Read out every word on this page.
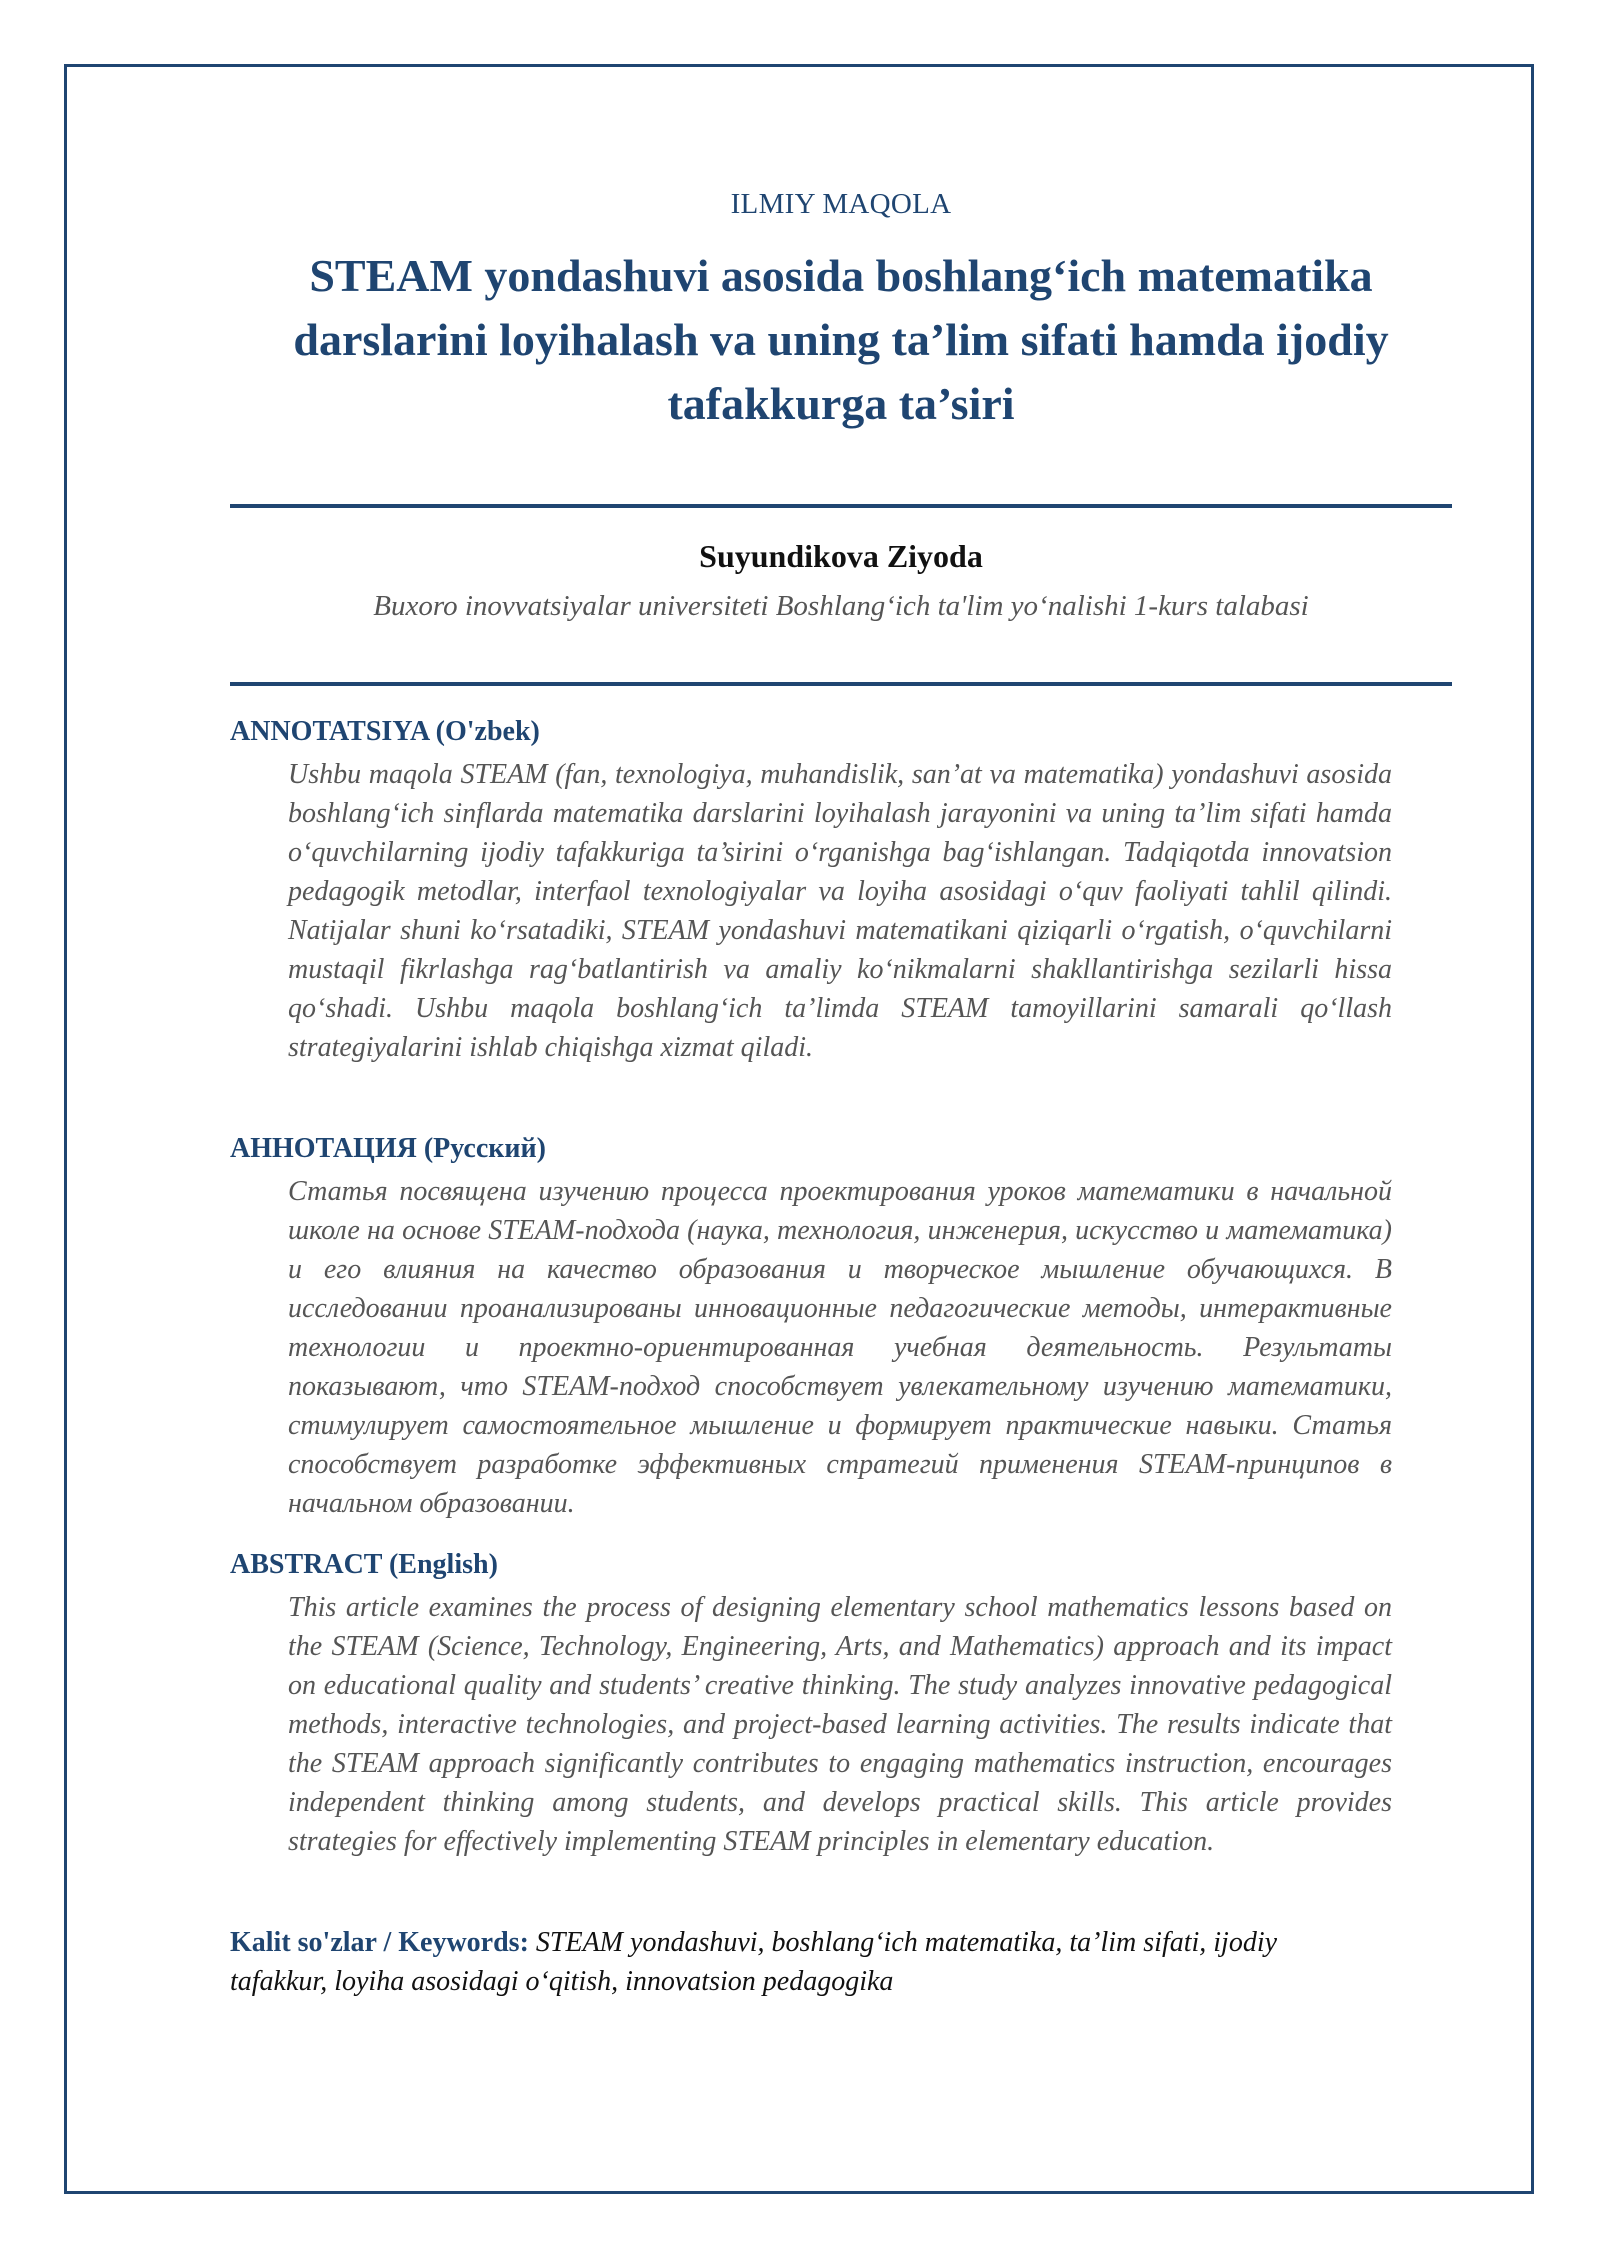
ILMIY MAQOLA
STEAM yondashuvi asosida boshlang‘ich matematika darslarini loyihalash va uning ta’lim sifati hamda ijodiy tafakkurga ta’siri
Suyundikova Ziyoda
Buxoro inovvatsiyalar universiteti Boshlang‘ich ta'lim yo‘nalishi 1-kurs talabasi
ANNOTATSIYA (O'zbek)

Ushbu maqola STEAM (fan, texnologiya, muhandislik, san’at va matematika) yondashuvi asosida boshlang‘ich sinflarda matematika darslarini loyihalash jarayonini va uning ta’lim sifati hamda o‘quvchilarning ijodiy tafakkuriga ta’sirini o‘rganishga bag‘ishlangan. Tadqiqotda innovatsion pedagogik metodlar, interfaol texnologiyalar va loyiha asosidagi o‘quv faoliyati tahlil qilindi. Natijalar shuni ko‘rsatadiki, STEAM yondashuvi matematikani qiziqarli o‘rgatish, o‘quvchilarni mustaqil fikrlashga rag‘batlantirish va amaliy ko‘nikmalarni shakllantirishga sezilarli hissa qo‘shadi. Ushbu maqola boshlang‘ich ta’limda STEAM tamoyillarini samarali qo‘llash strategiyalarini ishlab chiqishga xizmat qiladi.

АННОТАЦИЯ (Русский)

Статья посвящена изучению процесса проектирования уроков математики в начальной школе на основе STEAM-подхода (наука, технология, инженерия, искусство и математика) и его влияния на качество образования и творческое мышление обучающихся. В исследовании проанализированы инновационные педагогические методы, интерактивные технологии и проектно-ориентированная учебная деятельность. Результаты показывают, что STEAM-подход способствует увлекательному изучению математики, стимулирует самостоятельное мышление и формирует практические навыки. Статья способствует разработке эффективных стратегий применения STEAM-принципов в начальном образовании.

ABSTRACT (English)

This article examines the process of designing elementary school mathematics lessons based on the STEAM (Science, Technology, Engineering, Arts, and Mathematics) approach and its impact on educational quality and students’ creative thinking. The study analyzes innovative pedagogical methods, interactive technologies, and project-based learning activities. The results indicate that the STEAM approach significantly contributes to engaging mathematics instruction, encourages independent thinking among students, and develops practical skills. This article provides strategies for effectively implementing STEAM principles in elementary education.

Kalit so'zlar / Keywords: STEAM yondashuvi, boshlang‘ich matematika, ta’lim sifati, ijodiy tafakkur, loyiha asosidagi o‘qitish, innovatsion pedagogika
